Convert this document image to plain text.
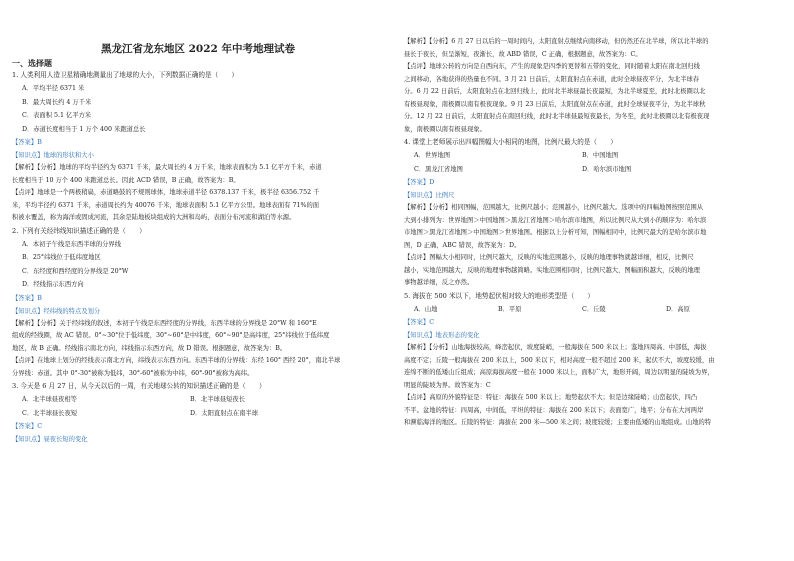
黑龙江省龙东地区 2022 年中考地理试卷
一、选择题
1. 人类利用人造卫星精确地测量出了地球的大小，下列数据正确的是（　　）
A．平均半径 6371 米
B．最大周长约 4 万千米
C．表面积 5.1 亿平方米
D．赤道长度相当于 1 万个 400 米跑道总长
【答案】B
【知识点】地球的形状和大小
【解析】【分析】地球的平均半径约为 6371 千米，最大周长约 4 万千米，地球表面积为 5.1 亿平方千米，赤道
长度相当于 10 万个 400 米跑道总长。因此 ACD 错误，B 正确，故答案为：B。
【点评】地球是一个两极稍扁，赤道略鼓的不规则球体，地球赤道半径 6378.137 千米，极半径 6356.752 千
米，平均半径约 6371 千米，赤道周长约为 40076 千米，地球表面积 5.1 亿平方公里。地球表面有 71%的面
积被水覆盖，称为海洋或固成河流，其余是陆地板块组成的大洲和岛屿，表面分布河流和湖泊等水源。
2. 下列有关经纬线知识描述正确的是（　　）
A．本初子午线是东西半球的分界线
B．25°纬线位于低纬度地区
C．东经度和西经度的分界线是 20°W
D．经线指示东西方向
【答案】B
【知识点】经纬线的特点及划分
【解析】【分析】关于经纬线的叙述，本初子午线是东西经度的分界线，东西半球的分界线是 20°W 和 160°E
组成的经线圈，故 AC 错误。0°~30°位于低纬度，30°~60°是中纬度，60°~90°是高纬度，25°纬线位于低纬度
地区，故 B 正确。经线指示南北方向，纬线指示东西方向，故 D 错误。根据题意，故答案为：B。
【点评】在地球上划分的经线表示南北方向，纬线表示东西方向。东西半球的分界线：东经 160° 西经 20°，南北半球
分界线：赤道。其中 0°-30°被称为低纬，30°-60°被称为中纬，60°-90°被称为高纬。
3. 今天是 6 月 27 日，从今天以后的一周，有关地球公转的知识描述正确的是（　　）
A．北半球昼夜相等	B．北半球昼短夜长
C．北半球昼长夜短	D．太阳直射点在南半球
【答案】C
【知识点】昼夜长短的变化
【解析】【分析】6 月 27 日以后的一周时间内，太阳直射点继续向南移动，但仍然还在北半球，所以北半球的
昼长于夜长，但呈渐短，夜渐长，故 ABD 错误，C 正确，根据题意，故答案为：C。
【点评】地球公转的方向是自西向东，产生的现象是四季的更替和五带的变化，同时随着太阳在南北回归线
之间移动，各地获得的热量也不同。3 月 21 日前后，太阳直射点在赤道，此时全球昼夜平分，为北半球春
分。6 月 22 日前后，太阳直射点在北回归线上，此时北半球昼最长夜最短，为北半球夏至，此时北极圈以北
有极昼现象，南极圈以南有极夜现象。9 月 23 日前后，太阳直射点在赤道，此时全球昼夜平分，为北半球秋
分。12 月 22 日前后，太阳直射点在南回归线，此时北半球昼最短夜最长，为冬至，此时北极圈以北有极夜现
象，南极圈以南有极昼现象。
4. 课堂上老师展示出四幅图幅大小相同的地图，比例尺最大的是（　　）
A．世界地图	B．中国地图
C．黑龙江省地图	D．哈尔滨市地图
【答案】D
【知识点】比例尺
【解析】【分析】相同图幅，范围越大，比例尺越小；范围越小，比例尺越大。选项中的四幅地图按照范围从
大到小排列为：世界地图＞中国地图＞黑龙江省地图＞哈尔滨市地图，所以比例尺从大到小的顺序为：哈尔滨
市地图＞黑龙江省地图＞中国地图＞世界地图。根据以上分析可知，图幅相同中，比例尺最大的是哈尔滨市地
图，D 正确，ABC 错误，故答案为：D。
【点评】图幅大小相同时，比例尺越大，反映的实地范围越小，反映的地理事物就越详细，相反，比例尺
越小，实地范围越大，反映的地理事物越简略。实地范围相同时，比例尺越大，图幅面积越大，反映的地理
事物越详细，反之亦然。
5. 海拔在 500 米以下，地势起伏相对较大的地形类型是（　　）
A．山地	B．平原	C．丘陵	D．高原
【答案】C
【知识点】地表形态的变化
【解析】【分析】山地海拔较高，峰峦起伏，坡度陡峭，一般海拔在 500 米以上；鉴地四周高、中部低，海拔
高度不定；丘陵一般海拔在 200 米以上，500 米以下，相对高度一般不超过 200 米，起伏不大，坡度较缓，由
连绵不断的低矮山丘组成；高原海拔高度一般在 1000 米以上，面积广大，地形开阔，周边以明显的陡坡为界，
明显的陡坡为界。故答案为：C
【点评】高原的外貌特征是：特征：海拔在 500 米以上；地势起伏不大；但是边缘陡峭；山峦起伏，四凸
不平。盆地的特征：四周高，中间低，平坦的特征：海拔在 200 米以下；表面宽广，地平；分布在大河两岸
和濒临海洋的地区。丘陵的特征：海拔在 200 米—500 米之间；坡度较缓；主要由低矮的山地组成。山地的特
